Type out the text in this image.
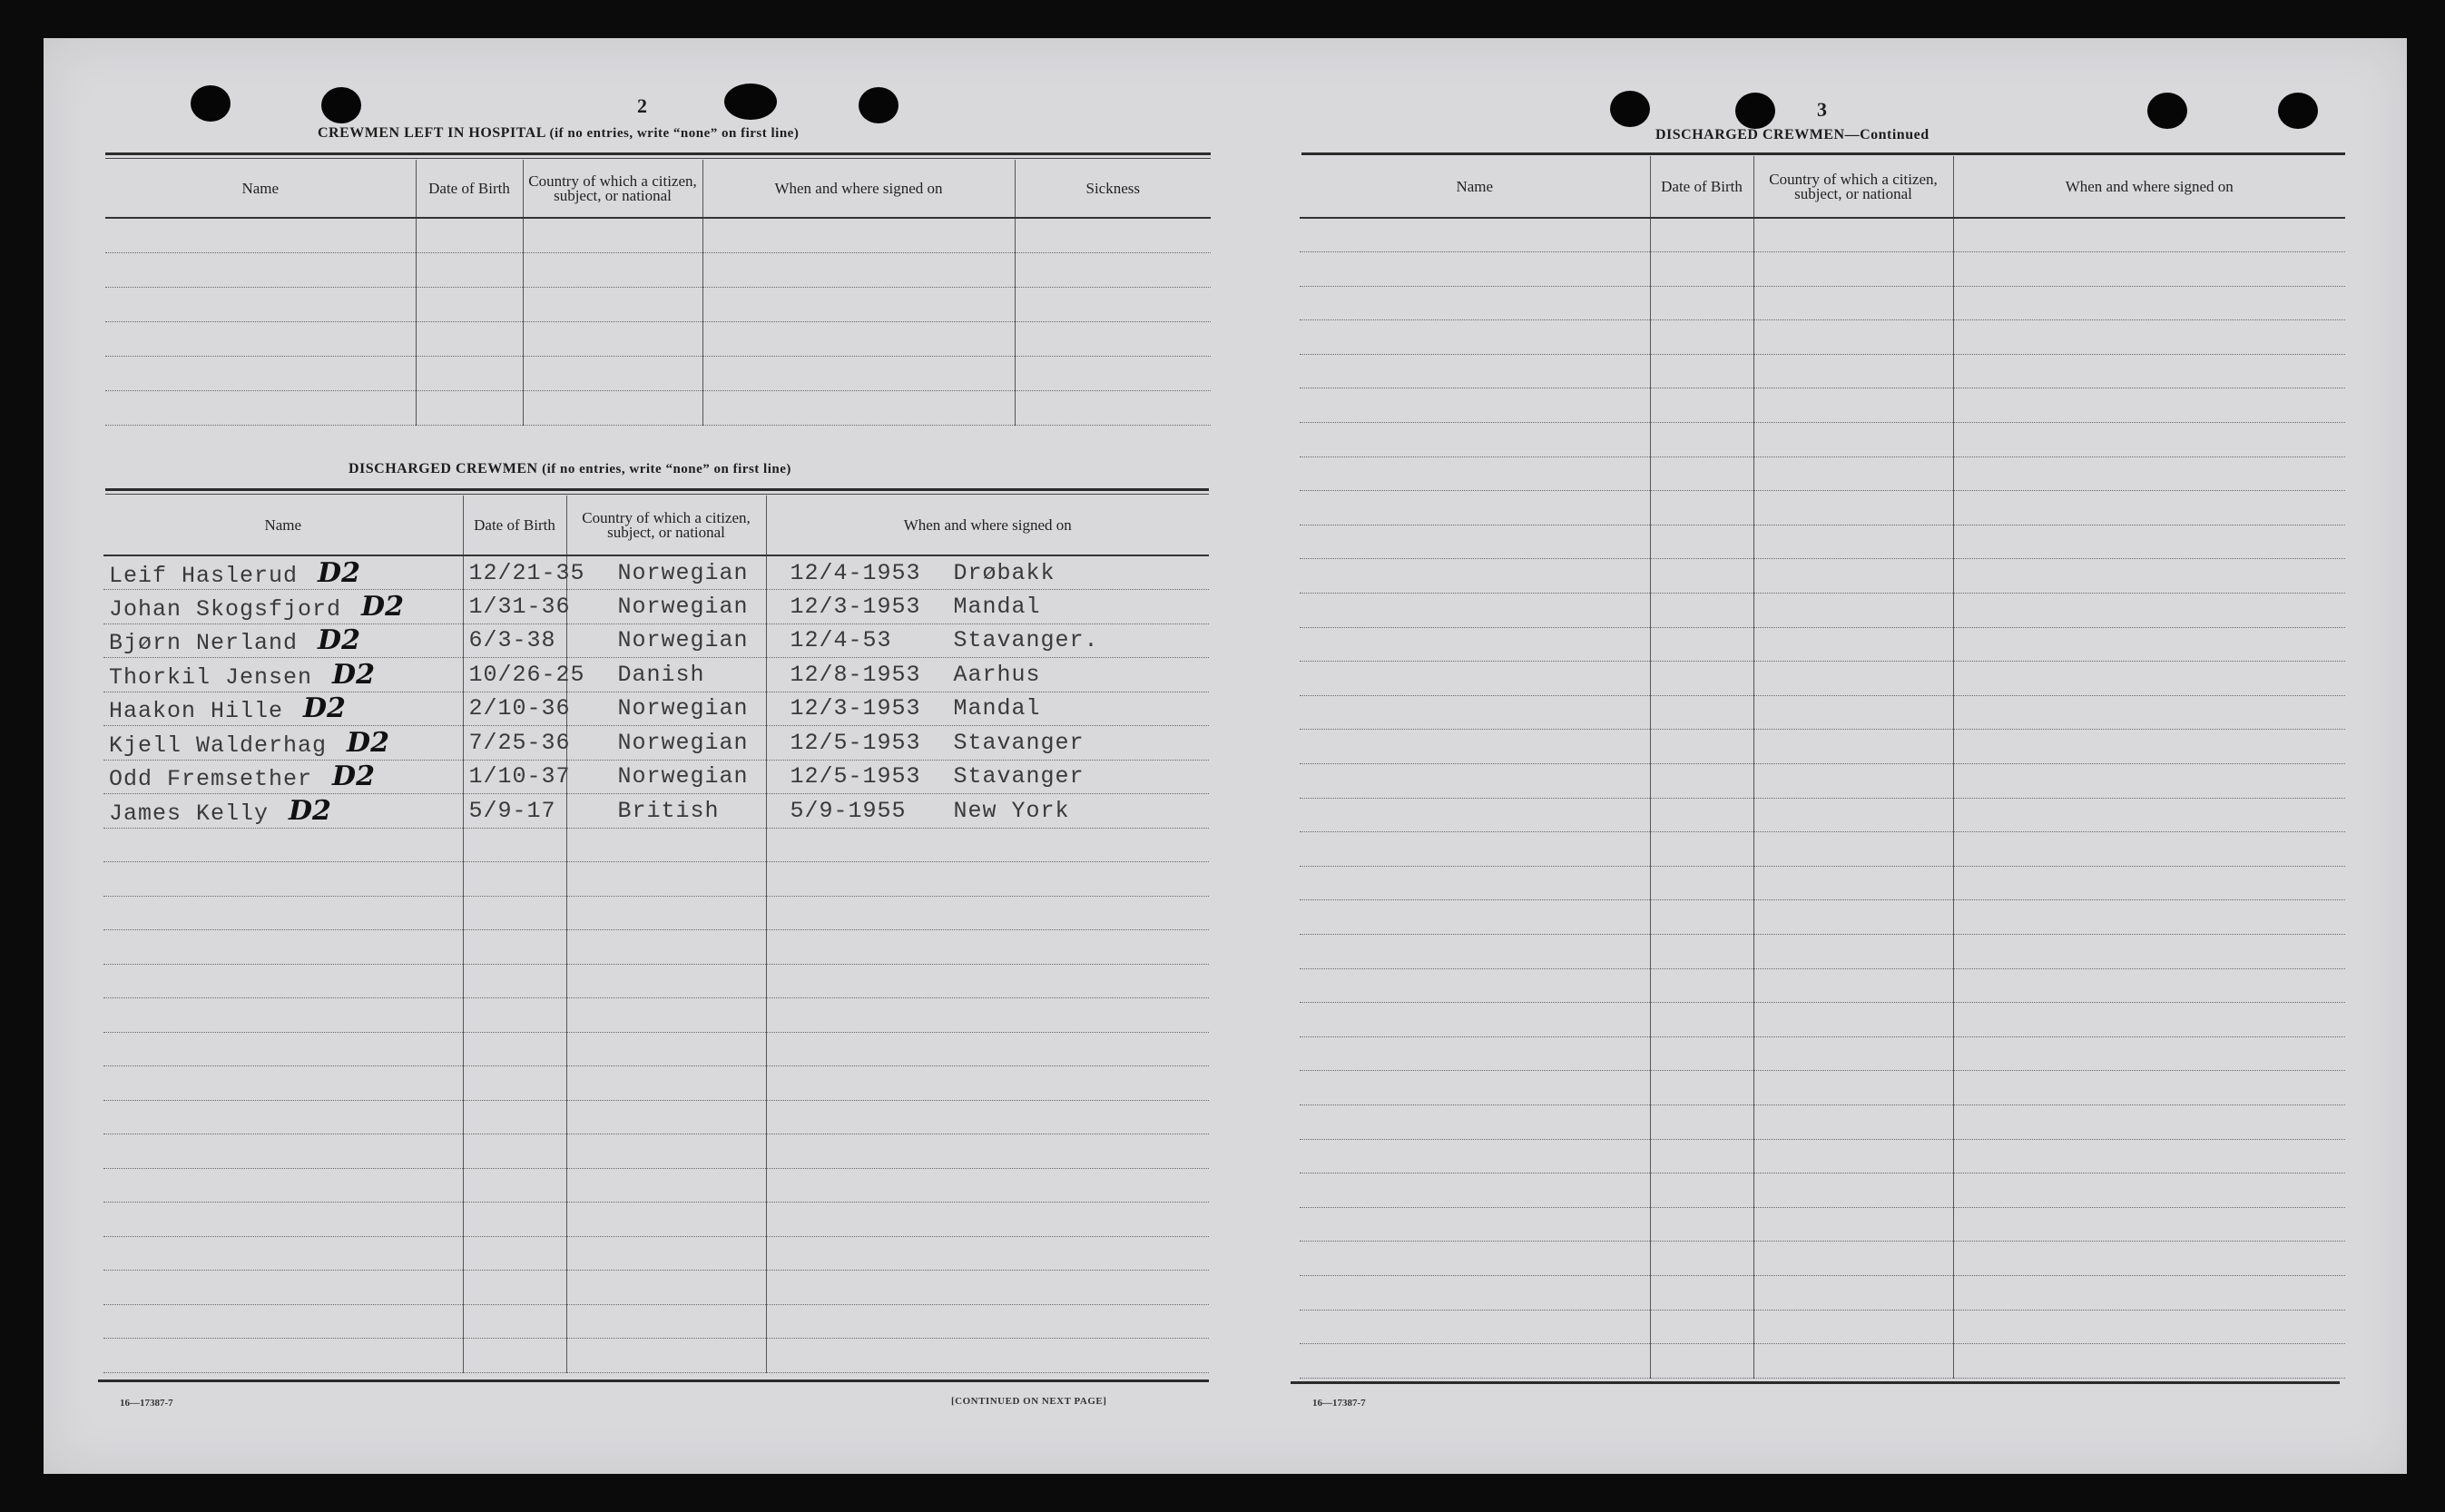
2
CREWMEN LEFT IN HOSPITAL (if no entries, write “none” on first line)
Name	Date of Birth	Country of which a citizen, subject, or national	When and where signed on	Sickness

DISCHARGED CREWMEN (if no entries, write “none” on first line)
Name	Date of Birth	Country of which a citizen, subject, or national	When and where signed on
Leif Haslerud D2	12/21-35	Norwegian	12/4-1953 Drøbakk
Johan Skogsfjord D2	1/31-36	Norwegian	12/3-1953 Mandal
Bjørn Nerland D2	6/3-38	Norwegian	12/4-53 Stavanger.
Thorkil Jensen D2	10/26-25	Danish	12/8-1953 Aarhus
Haakon Hille D2	2/10-36	Norwegian	12/3-1953 Mandal
Kjell Walderhag D2	7/25-36	Norwegian	12/5-1953 Stavanger
Odd Fremsether D2	1/10-37	Norwegian	12/5-1953 Stavanger
James Kelly D2	5/9-17	British	5/9-1955 New York

16—17387-7	[CONTINUED ON NEXT PAGE]
3
DISCHARGED CREWMEN—Continued
Name	Date of Birth	Country of which a citizen, subject, or national	When and where signed on

16—17387-7
